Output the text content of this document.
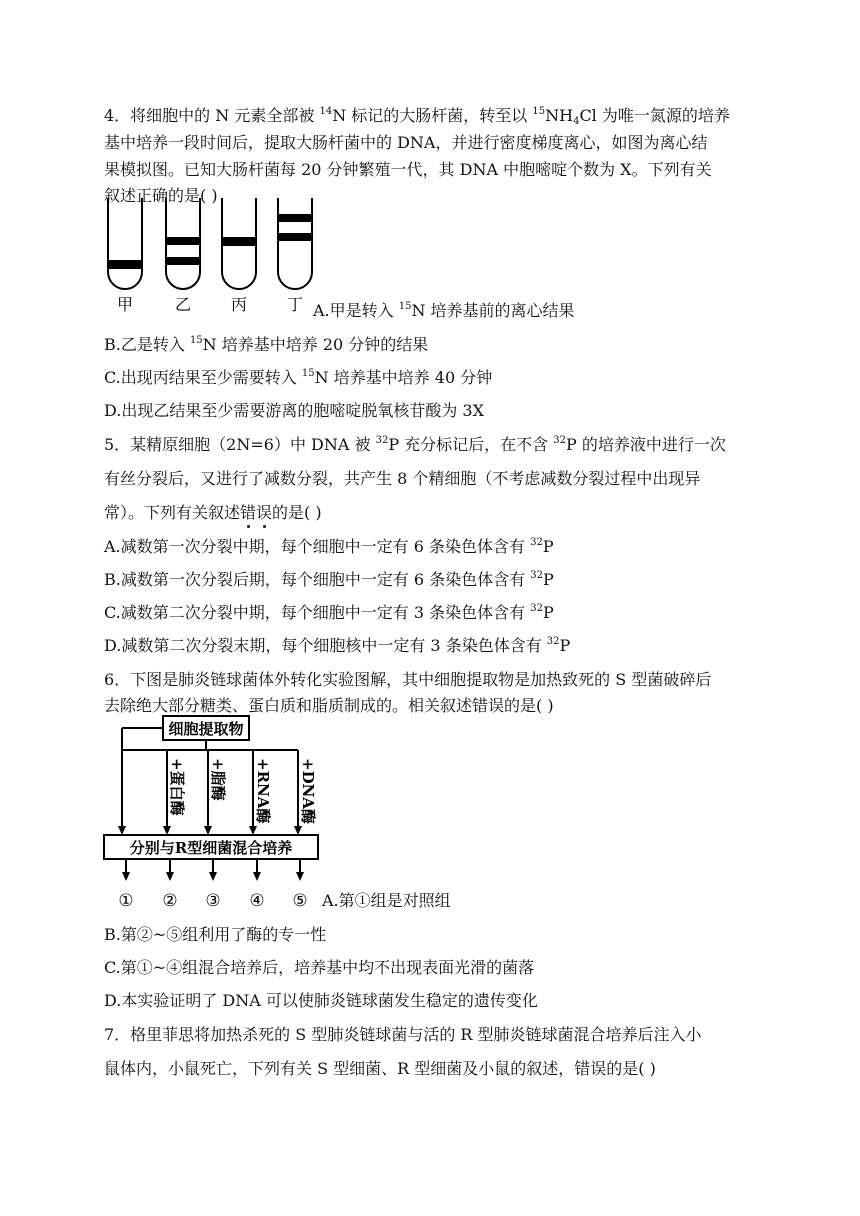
4．将细胞中的 N 元素全部被 $^{14}$N 标记的大肠杆菌，转至以 $^{15}NH_4Cl$ 为唯一氮源的培养
基中培养一段时间后，提取大肠杆菌中的 DNA，并进行密度梯度离心，如图为离心结
果模拟图。已知大肠杆菌每 20 分钟繁殖一代，其 DNA 中胞嘧啶个数为 X。下列有关
叙述正确的是( )
甲	乙 丙 丁 A.甲是转入 $^{15}$N 培养基前的离心结果
B.乙是转入 $^{15}$N 培养基中培养 20 分钟的结果
C.出现丙结果至少需要转入 $^{15}$N 培养基中培养 40 分钟
D.出现乙结果至少需要游离的胞嘧啶脱氧核苷酸为 3X
5．某精原细胞（2N=6）中 DNA 被 $^{32}$P 充分标记后，在不含 $^{32}$P 的培养液中进行一次
有丝分裂后，又进行了减数分裂，共产生 8 个精细胞（不考虑减数分裂过程中出现异
常）。下列有关叙述错误的是( )
A.减数第一次分裂中期，每个细胞中一定有 6 条染色体含有 $^{32}$P
B.减数第一次分裂后期，每个细胞中一定有 6 条染色体含有 $^{32}$P
C.减数第二次分裂中期，每个细胞中一定有 3 条染色体含有 $^{32}$P
D.减数第二次分裂末期，每个细胞核中一定有 3 条染色体含有 $^{32}$P
6．下图是肺炎链球菌体外转化实验图解，其中细胞提取物是加热致死的 S 型菌破碎后
去除绝大部分糖类、蛋白质和脂质制成的。相关叙述错误的是( )
细胞提取物
+蛋白酶 +脂酶 +RNA酶 +DNA酶
分别与R型细菌混合培养
① ② ③ ④ ⑤ A.第①组是对照组
B.第②~⑤组利用了酶的专一性
C.第①~④组混合培养后，培养基中均不出现表面光滑的菌落
D.本实验证明了 DNA 可以使肺炎链球菌发生稳定的遗传变化
7．格里菲思将加热杀死的 S 型肺炎链球菌与活的 R 型肺炎链球菌混合培养后注入小
鼠体内，小鼠死亡，下列有关 S 型细菌、R 型细菌及小鼠的叙述，错误的是( )
